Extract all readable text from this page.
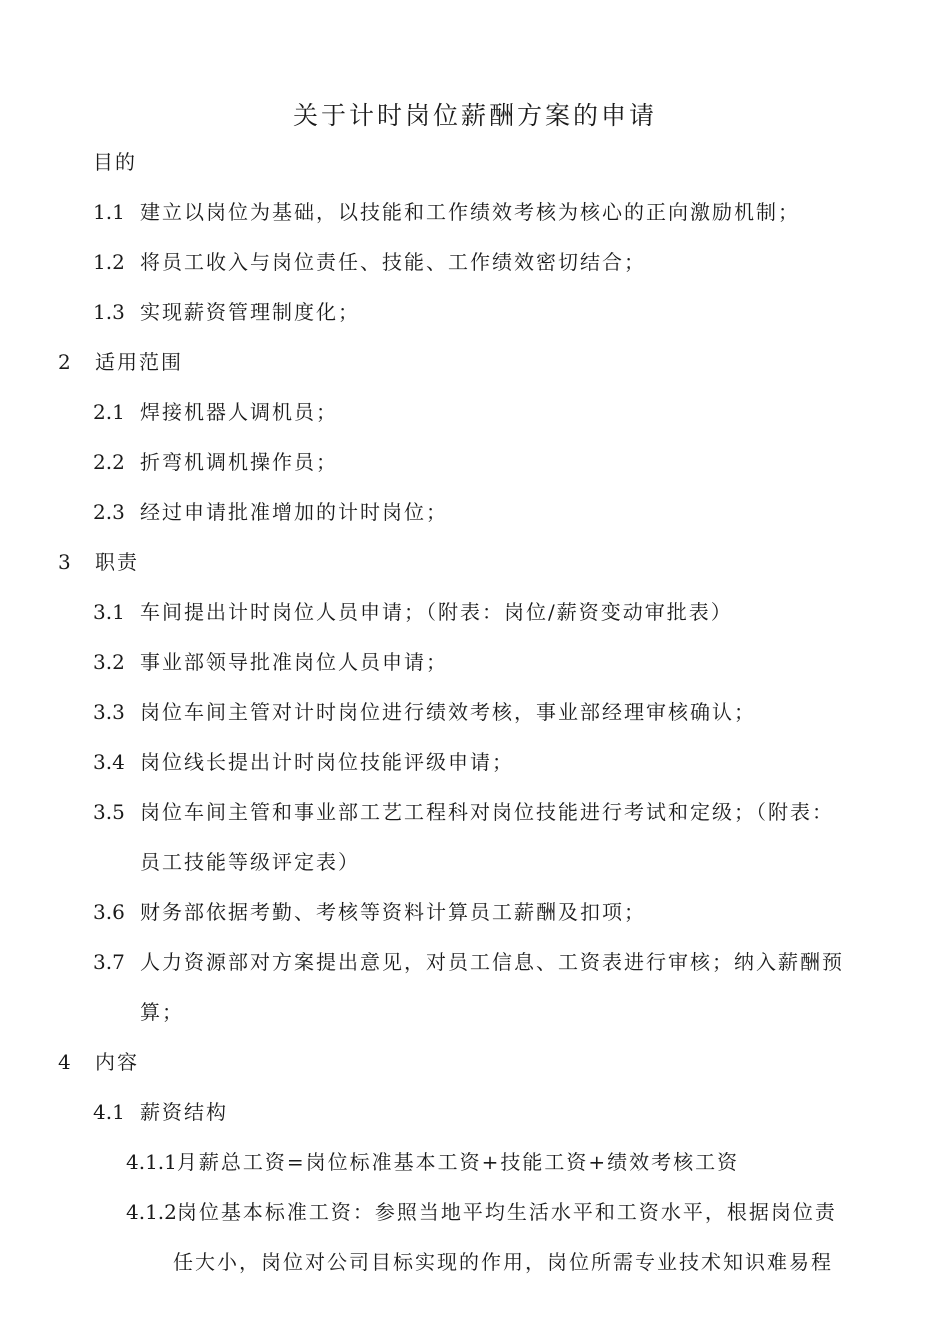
关于计时岗位薪酬方案的申请
目的
1.1 建立以岗位为基础，以技能和工作绩效考核为核心的正向激励机制；
1.2 将员工收入与岗位责任、技能、工作绩效密切结合；
1.3 实现薪资管理制度化；
2 适用范围
2.1 焊接机器人调机员；
2.2 折弯机调机操作员；
2.3 经过申请批准增加的计时岗位；
3 职责
3.1 车间提出计时岗位人员申请；（附表：岗位/薪资变动审批表）
3.2 事业部领导批准岗位人员申请；
3.3 岗位车间主管对计时岗位进行绩效考核，事业部经理审核确认；
3.4 岗位线长提出计时岗位技能评级申请；
3.5 岗位车间主管和事业部工艺工程科对岗位技能进行考试和定级；（附表：
员工技能等级评定表）
3.6 财务部依据考勤、考核等资料计算员工薪酬及扣项；
3.7 人力资源部对方案提出意见，对员工信息、工资表进行审核；纳入薪酬预
算；
4 内容
4.1 薪资结构
4.1.1月薪总工资=岗位标准基本工资+技能工资+绩效考核工资
4.1.2岗位基本标准工资：参照当地平均生活水平和工资水平，根据岗位责
任大小，岗位对公司目标实现的作用，岗位所需专业技术知识难易程
